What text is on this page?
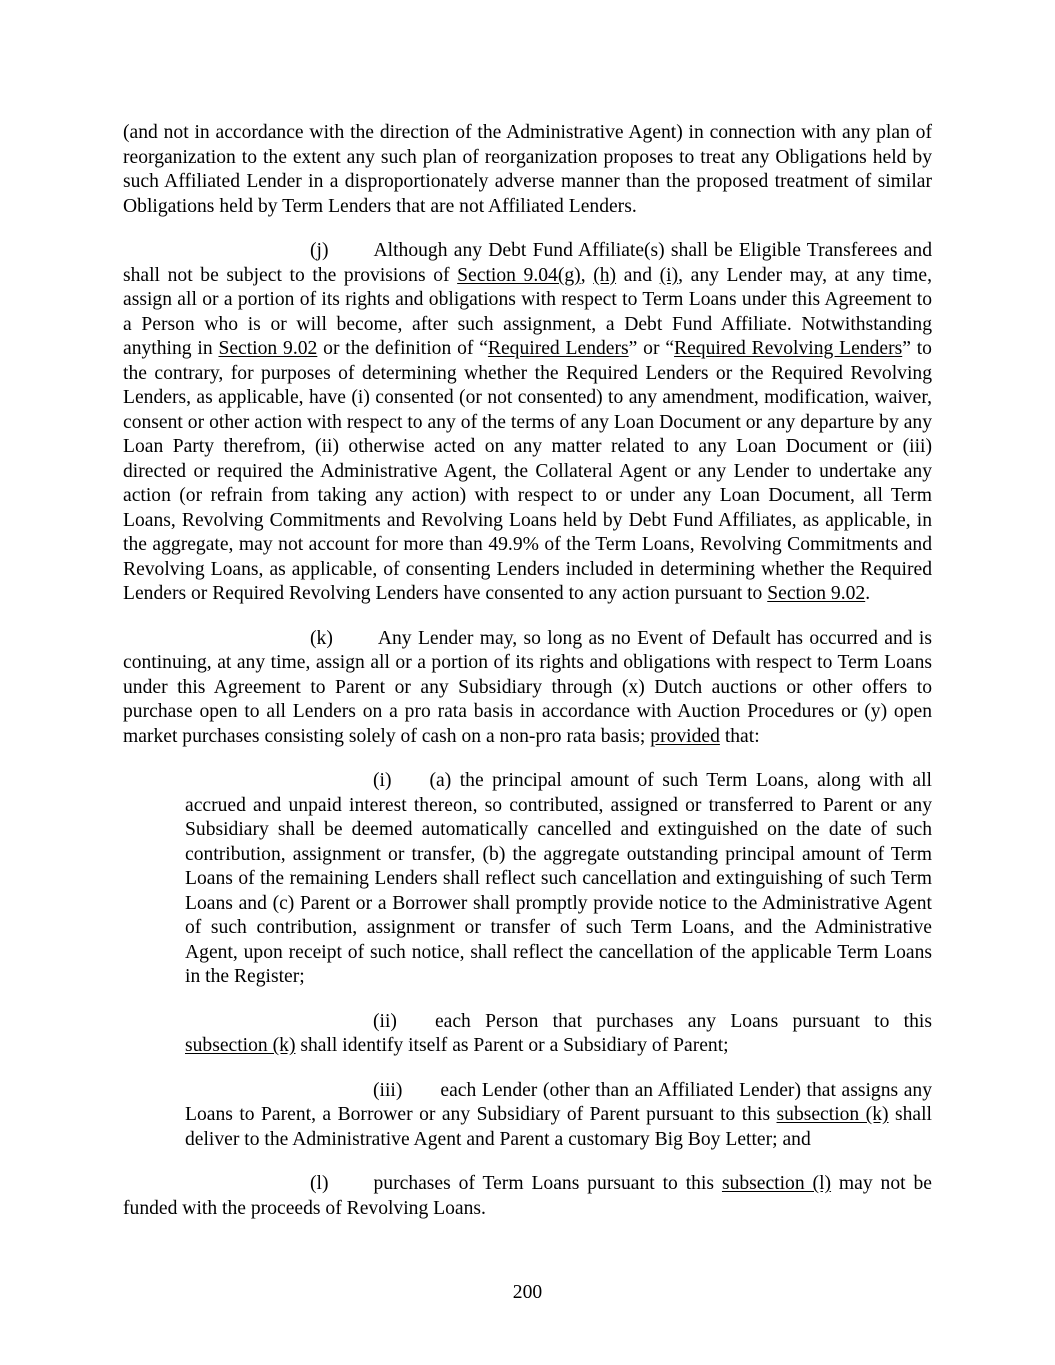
(and not in accordance with the direction of the Administrative Agent) in connection with any plan of reorganization to the extent any such plan of reorganization proposes to treat any Obligations held by such Affiliated Lender in a disproportionately adverse manner than the proposed treatment of similar Obligations held by Term Lenders that are not Affiliated Lenders.

(j) Although any Debt Fund Affiliate(s) shall be Eligible Transferees and shall not be subject to the provisions of Section 9.04(g), (h) and (i), any Lender may, at any time, assign all or a portion of its rights and obligations with respect to Term Loans under this Agreement to a Person who is or will become, after such assignment, a Debt Fund Affiliate. Notwithstanding anything in Section 9.02 or the definition of “Required Lenders” or “Required Revolving Lenders” to the contrary, for purposes of determining whether the Required Lenders or the Required Revolving Lenders, as applicable, have (i) consented (or not consented) to any amendment, modification, waiver, consent or other action with respect to any of the terms of any Loan Document or any departure by any Loan Party therefrom, (ii) otherwise acted on any matter related to any Loan Document or (iii) directed or required the Administrative Agent, the Collateral Agent or any Lender to undertake any action (or refrain from taking any action) with respect to or under any Loan Document, all Term Loans, Revolving Commitments and Revolving Loans held by Debt Fund Affiliates, as applicable, in the aggregate, may not account for more than 49.9% of the Term Loans, Revolving Commitments and Revolving Loans, as applicable, of consenting Lenders included in determining whether the Required Lenders or Required Revolving Lenders have consented to any action pursuant to Section 9.02.

(k) Any Lender may, so long as no Event of Default has occurred and is continuing, at any time, assign all or a portion of its rights and obligations with respect to Term Loans under this Agreement to Parent or any Subsidiary through (x) Dutch auctions or other offers to purchase open to all Lenders on a pro rata basis in accordance with Auction Procedures or (y) open market purchases consisting solely of cash on a non-pro rata basis; provided that:

(i) (a) the principal amount of such Term Loans, along with all accrued and unpaid interest thereon, so contributed, assigned or transferred to Parent or any Subsidiary shall be deemed automatically cancelled and extinguished on the date of such contribution, assignment or transfer, (b) the aggregate outstanding principal amount of Term Loans of the remaining Lenders shall reflect such cancellation and extinguishing of such Term Loans and (c) Parent or a Borrower shall promptly provide notice to the Administrative Agent of such contribution, assignment or transfer of such Term Loans, and the Administrative Agent, upon receipt of such notice, shall reflect the cancellation of the applicable Term Loans in the Register;

(ii) each Person that purchases any Loans pursuant to this subsection (k) shall identify itself as Parent or a Subsidiary of Parent;

(iii) each Lender (other than an Affiliated Lender) that assigns any Loans to Parent, a Borrower or any Subsidiary of Parent pursuant to this subsection (k) shall deliver to the Administrative Agent and Parent a customary Big Boy Letter; and

(l) purchases of Term Loans pursuant to this subsection (l) may not be funded with the proceeds of Revolving Loans.

200
